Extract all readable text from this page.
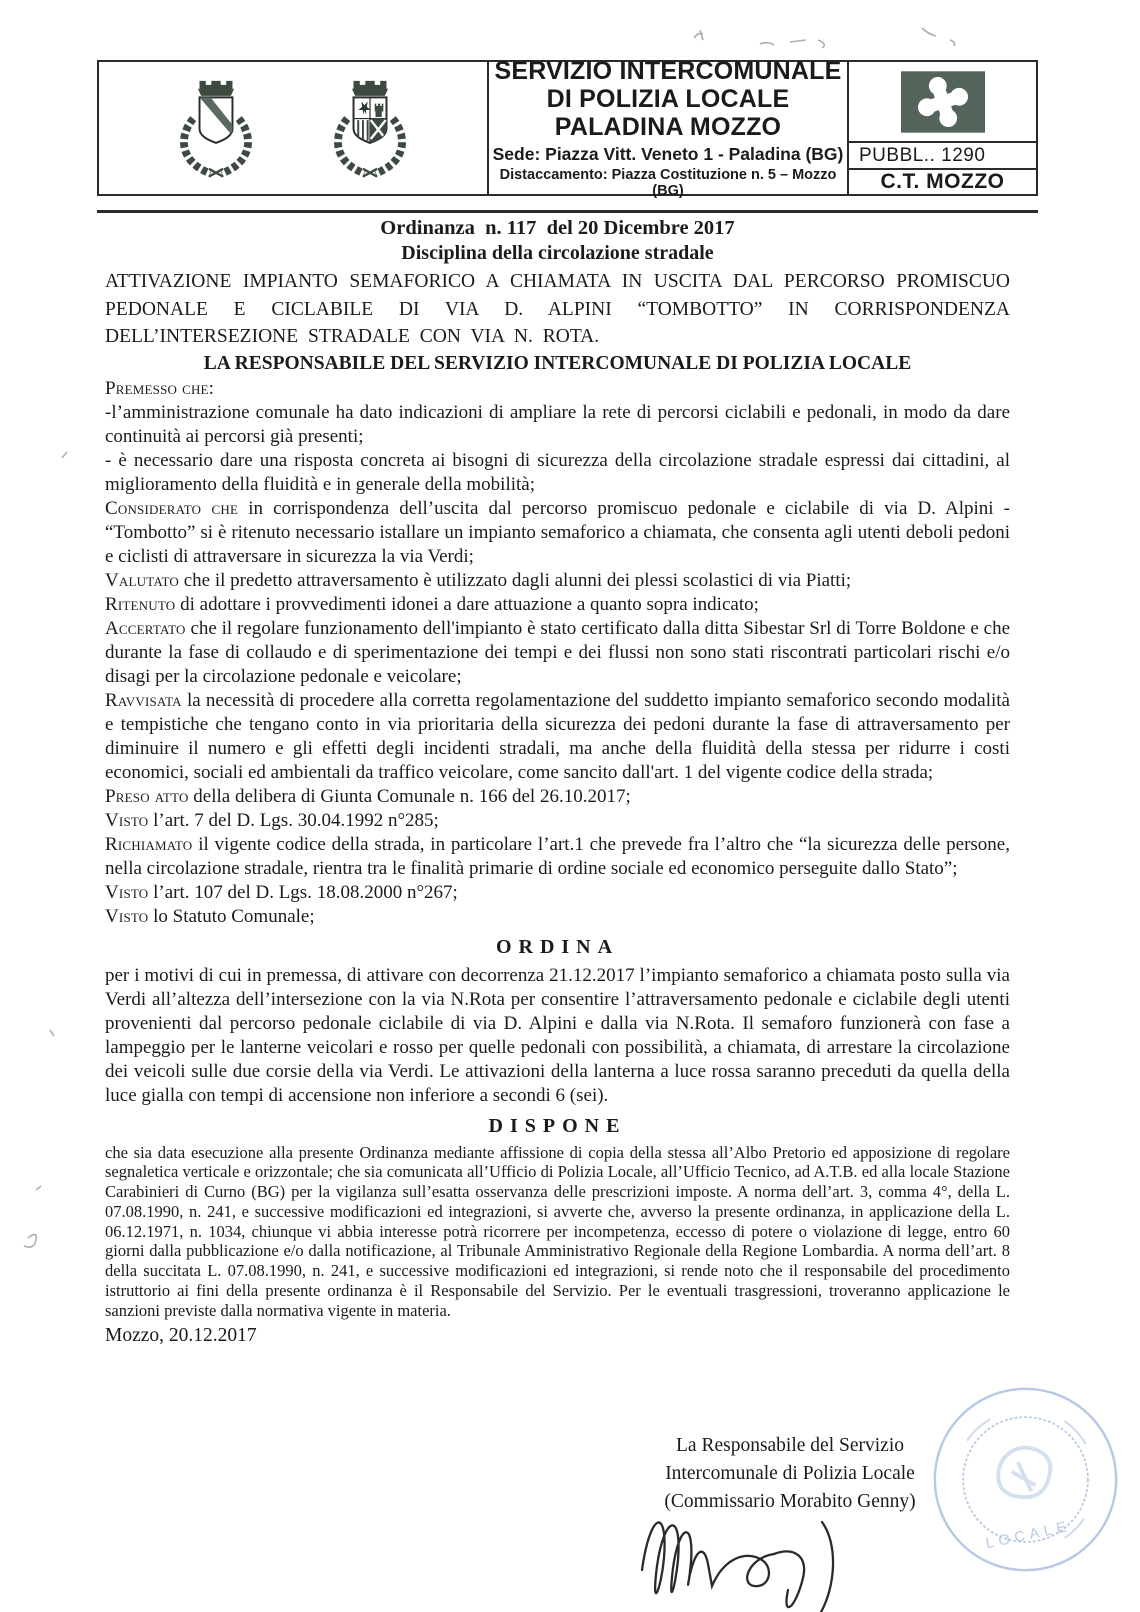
SERVIZIO INTERCOMUNALE
DI POLIZIA LOCALE
PALADINA MOZZO
Sede: Piazza Vitt. Veneto 1 - Paladina (BG)
Distaccamento: Piazza Costituzione n. 5 – Mozzo (BG)
PUBBL.. 1290
C.T. MOZZO
Ordinanza  n. 117  del 20 Dicembre 2017
Disciplina della circolazione stradale

ATTIVAZIONE IMPIANTO SEMAFORICO A CHIAMATA IN USCITA DAL PERCORSO PROMISCUO PEDONALE E CICLABILE DI VIA D. ALPINI “TOMBOTTO” IN CORRISPONDENZA DELL’INTERSEZIONE STRADALE CON VIA N. ROTA.

LA RESPONSABILE DEL SERVIZIO INTERCOMUNALE DI POLIZIA LOCALE

Premesso che:

-l’amministrazione comunale ha dato indicazioni di ampliare la rete di percorsi ciclabili e pedonali, in modo da dare continuità ai percorsi già presenti;

- è necessario dare una risposta concreta ai bisogni di sicurezza della circolazione stradale espressi dai cittadini, al miglioramento della fluidità e in generale della mobilità;

Considerato che in corrispondenza dell’uscita dal percorso promiscuo pedonale e ciclabile di via D. Alpini - “Tombotto” si è ritenuto necessario istallare un impianto semaforico a chiamata, che consenta agli utenti deboli pedoni e ciclisti di attraversare in sicurezza la via Verdi;

Valutato che il predetto attraversamento è utilizzato dagli alunni dei plessi scolastici di via Piatti;

Ritenuto di adottare i provvedimenti idonei a dare attuazione a quanto sopra indicato;

Accertato che il regolare funzionamento dell'impianto è stato certificato dalla ditta Sibestar Srl di Torre Boldone e che durante la fase di collaudo e di sperimentazione dei tempi e dei flussi non sono stati riscontrati particolari rischi e/o disagi per la circolazione pedonale e veicolare;

Ravvisata la necessità di procedere alla corretta regolamentazione del suddetto impianto semaforico secondo modalità e tempistiche che tengano conto in via prioritaria della sicurezza dei pedoni durante la fase di attraversamento per diminuire il numero e gli effetti degli incidenti stradali, ma anche della fluidità della stessa per ridurre i costi economici, sociali ed ambientali da traffico veicolare, come sancito dall'art. 1 del vigente codice della strada;

Preso atto della delibera di Giunta Comunale n. 166 del 26.10.2017;

Visto l’art. 7 del D. Lgs. 30.04.1992 n°285;

Richiamato il vigente codice della strada, in particolare l’art.1 che prevede fra l’altro che “la sicurezza delle persone, nella circolazione stradale, rientra tra le finalità primarie di ordine sociale ed economico perseguite dallo Stato”;

Visto l’art. 107 del D. Lgs. 18.08.2000 n°267;

Visto lo Statuto Comunale;

ORDINA

per i motivi di cui in premessa, di attivare con decorrenza 21.12.2017 l’impianto semaforico a chiamata posto sulla via Verdi all’altezza dell’intersezione con la via N.Rota per consentire l’attraversamento pedonale e ciclabile degli utenti provenienti dal percorso pedonale ciclabile di via D. Alpini e dalla via N.Rota. Il semaforo funzionerà con fase a lampeggio per le lanterne veicolari e rosso per quelle pedonali con possibilità, a chiamata, di arrestare la circolazione dei veicoli sulle due corsie della via Verdi. Le attivazioni della lanterna a luce rossa saranno preceduti da quella della luce gialla con tempi di accensione non inferiore a secondi 6 (sei).

DISPONE

che sia data esecuzione alla presente Ordinanza mediante affissione di copia della stessa all’Albo Pretorio ed apposizione di regolare segnaletica verticale e orizzontale; che sia comunicata all’Ufficio di Polizia Locale, all’Ufficio Tecnico, ad A.T.B. ed alla locale Stazione Carabinieri di Curno (BG) per la vigilanza sull’esatta osservanza delle prescrizioni imposte. A norma dell’art. 3, comma 4°, della L. 07.08.1990, n. 241, e successive modificazioni ed integrazioni, si avverte che, avverso la presente ordinanza, in applicazione della L. 06.12.1971, n. 1034, chiunque vi abbia interesse potrà ricorrere per incompetenza, eccesso di potere o violazione di legge, entro 60 giorni dalla pubblicazione e/o dalla notificazione, al Tribunale Amministrativo Regionale della Regione Lombardia. A norma dell’art. 8 della succitata L. 07.08.1990, n. 241, e successive modificazioni ed integrazioni, si rende noto che il responsabile del procedimento istruttorio ai fini della presente ordinanza è il Responsabile del Servizio. Per le eventuali trasgressioni, troveranno applicazione le sanzioni previste dalla normativa vigente in materia.

Mozzo, 20.12.2017
La Responsabile del Servizio
Intercomunale di Polizia Locale
(Commissario Morabito Genny)
LOCALE
